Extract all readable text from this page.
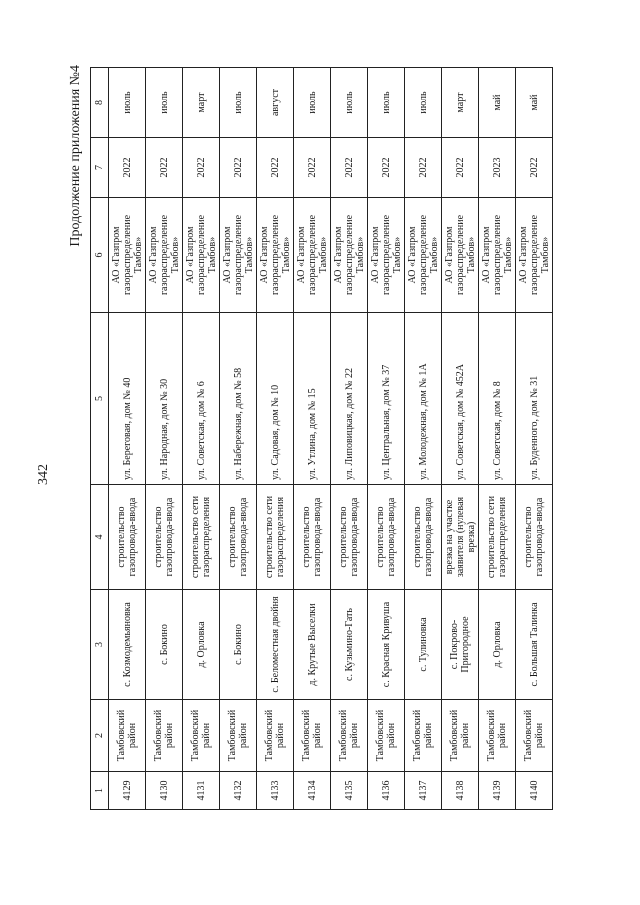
342
Продолжение приложения №4
1	2	3	4	5	6	7	8
4129	Тамбовский район	с. Козмодемьяновка	строительство газопровода-ввода	ул. Береговая, дом № 40	АО «Газпром газораспределение Тамбов»	2022	июль
4130	Тамбовский район	с. Бокино	строительство газопровода-ввода	ул. Народная, дом № 30	АО «Газпром газораспределение Тамбов»	2022	июль
4131	Тамбовский район	д. Орловка	строительство сети газораспределения	ул. Советская, дом № 6	АО «Газпром газораспределение Тамбов»	2022	март
4132	Тамбовский район	с. Бокино	строительство газопровода-ввода	ул. Набережная, дом № 58	АО «Газпром газораспределение Тамбов»	2022	июль
4133	Тамбовский район	с. Беломестная двойня	строительство сети газораспределения	ул. Садовая, дом № 10	АО «Газпром газораспределение Тамбов»	2022	август
4134	Тамбовский район	д. Крутые Выселки	строительство газопровода-ввода	ул. Утлина, дом № 15	АО «Газпром газораспределение Тамбов»	2022	июль
4135	Тамбовский район	с. Кузьмино-Гать	строительство газопровода-ввода	ул. Липовицкая, дом № 22	АО «Газпром газораспределение Тамбов»	2022	июль
4136	Тамбовский район	с. Красная Кривуша	строительство газопровода-ввода	ул. Центральная, дом № 37	АО «Газпром газораспределение Тамбов»	2022	июль
4137	Тамбовский район	с. Тулиновка	строительство газопровода-ввода	ул. Молодежная, дом № 1А	АО «Газпром газораспределение Тамбов»	2022	июль
4138	Тамбовский район	с. Покрово-Пригородное	врезка на участке заявителя (нулевая врезка)	ул. Советская, дом № 452А	АО «Газпром газораспределение Тамбов»	2022	март
4139	Тамбовский район	д. Орловка	строительство сети газораспределения	ул. Советская, дом № 8	АО «Газпром газораспределение Тамбов»	2023	май
4140	Тамбовский район	с. Большая Талинка	строительство газопровода-ввода	ул. Буденного, дом № 31	АО «Газпром газораспределение Тамбов»	2022	май
